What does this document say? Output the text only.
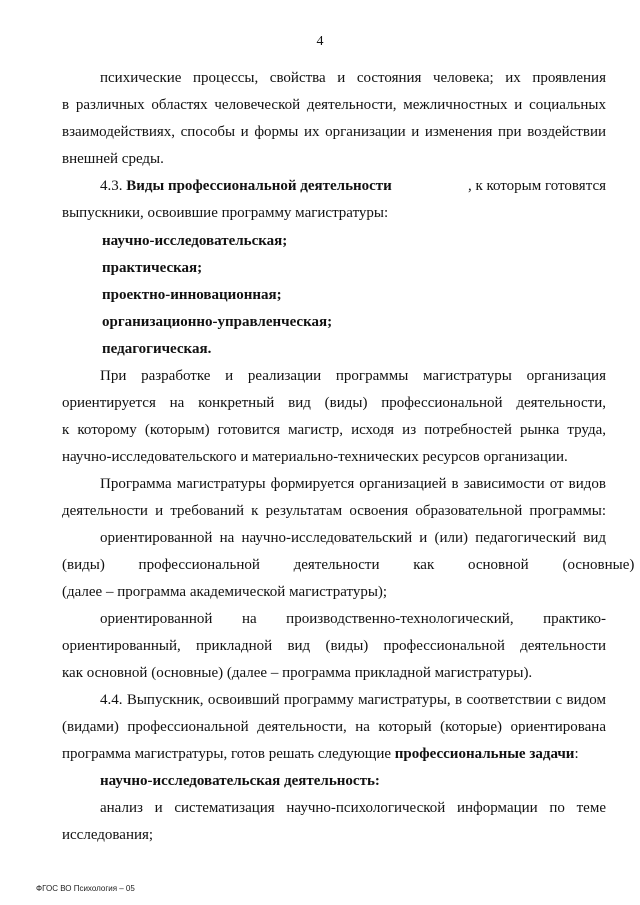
4
психические процессы, свойства и состояния человека; их проявления
в различных областях человеческой деятельности, межличностных и социальных
взаимодействиях, способы и формы их организации и изменения при воздействии
внешней среды.
4.3. Виды профессиональной деятельности	, к которым готовятся
выпускники, освоившие программу магистратуры:
научно-исследовательская;
практическая;
проектно-инновационная;
организационно-управленческая;
педагогическая.
При разработке и реализации программы магистратуры организация
ориентируется на конкретный вид (виды) профессиональной деятельности,
к которому (которым) готовится магистр, исходя из потребностей рынка труда,
научно-исследовательского и материально-технических ресурсов организации.
Программа магистратуры формируется организацией в зависимости от видов
деятельности и требований к результатам освоения образовательной программы:
ориентированной на научно-исследовательский и (или) педагогический вид
(виды) профессиональной деятельности как основной (основные)
(далее – программа академической магистратуры);
ориентированной на производственно-технологический, практико-
ориентированный, прикладной вид (виды) профессиональной деятельности
как основной (основные) (далее – программа прикладной магистратуры).
4.4. Выпускник, освоивший программу магистратуры, в соответствии с видом
(видами) профессиональной деятельности, на который (которые) ориентирована
программа магистратуры, готов решать следующие профессиональные задачи:
научно-исследовательская деятельность:
анализ и систематизация научно-психологической информации по теме
исследования;
ФГОС ВО Психология – 05
